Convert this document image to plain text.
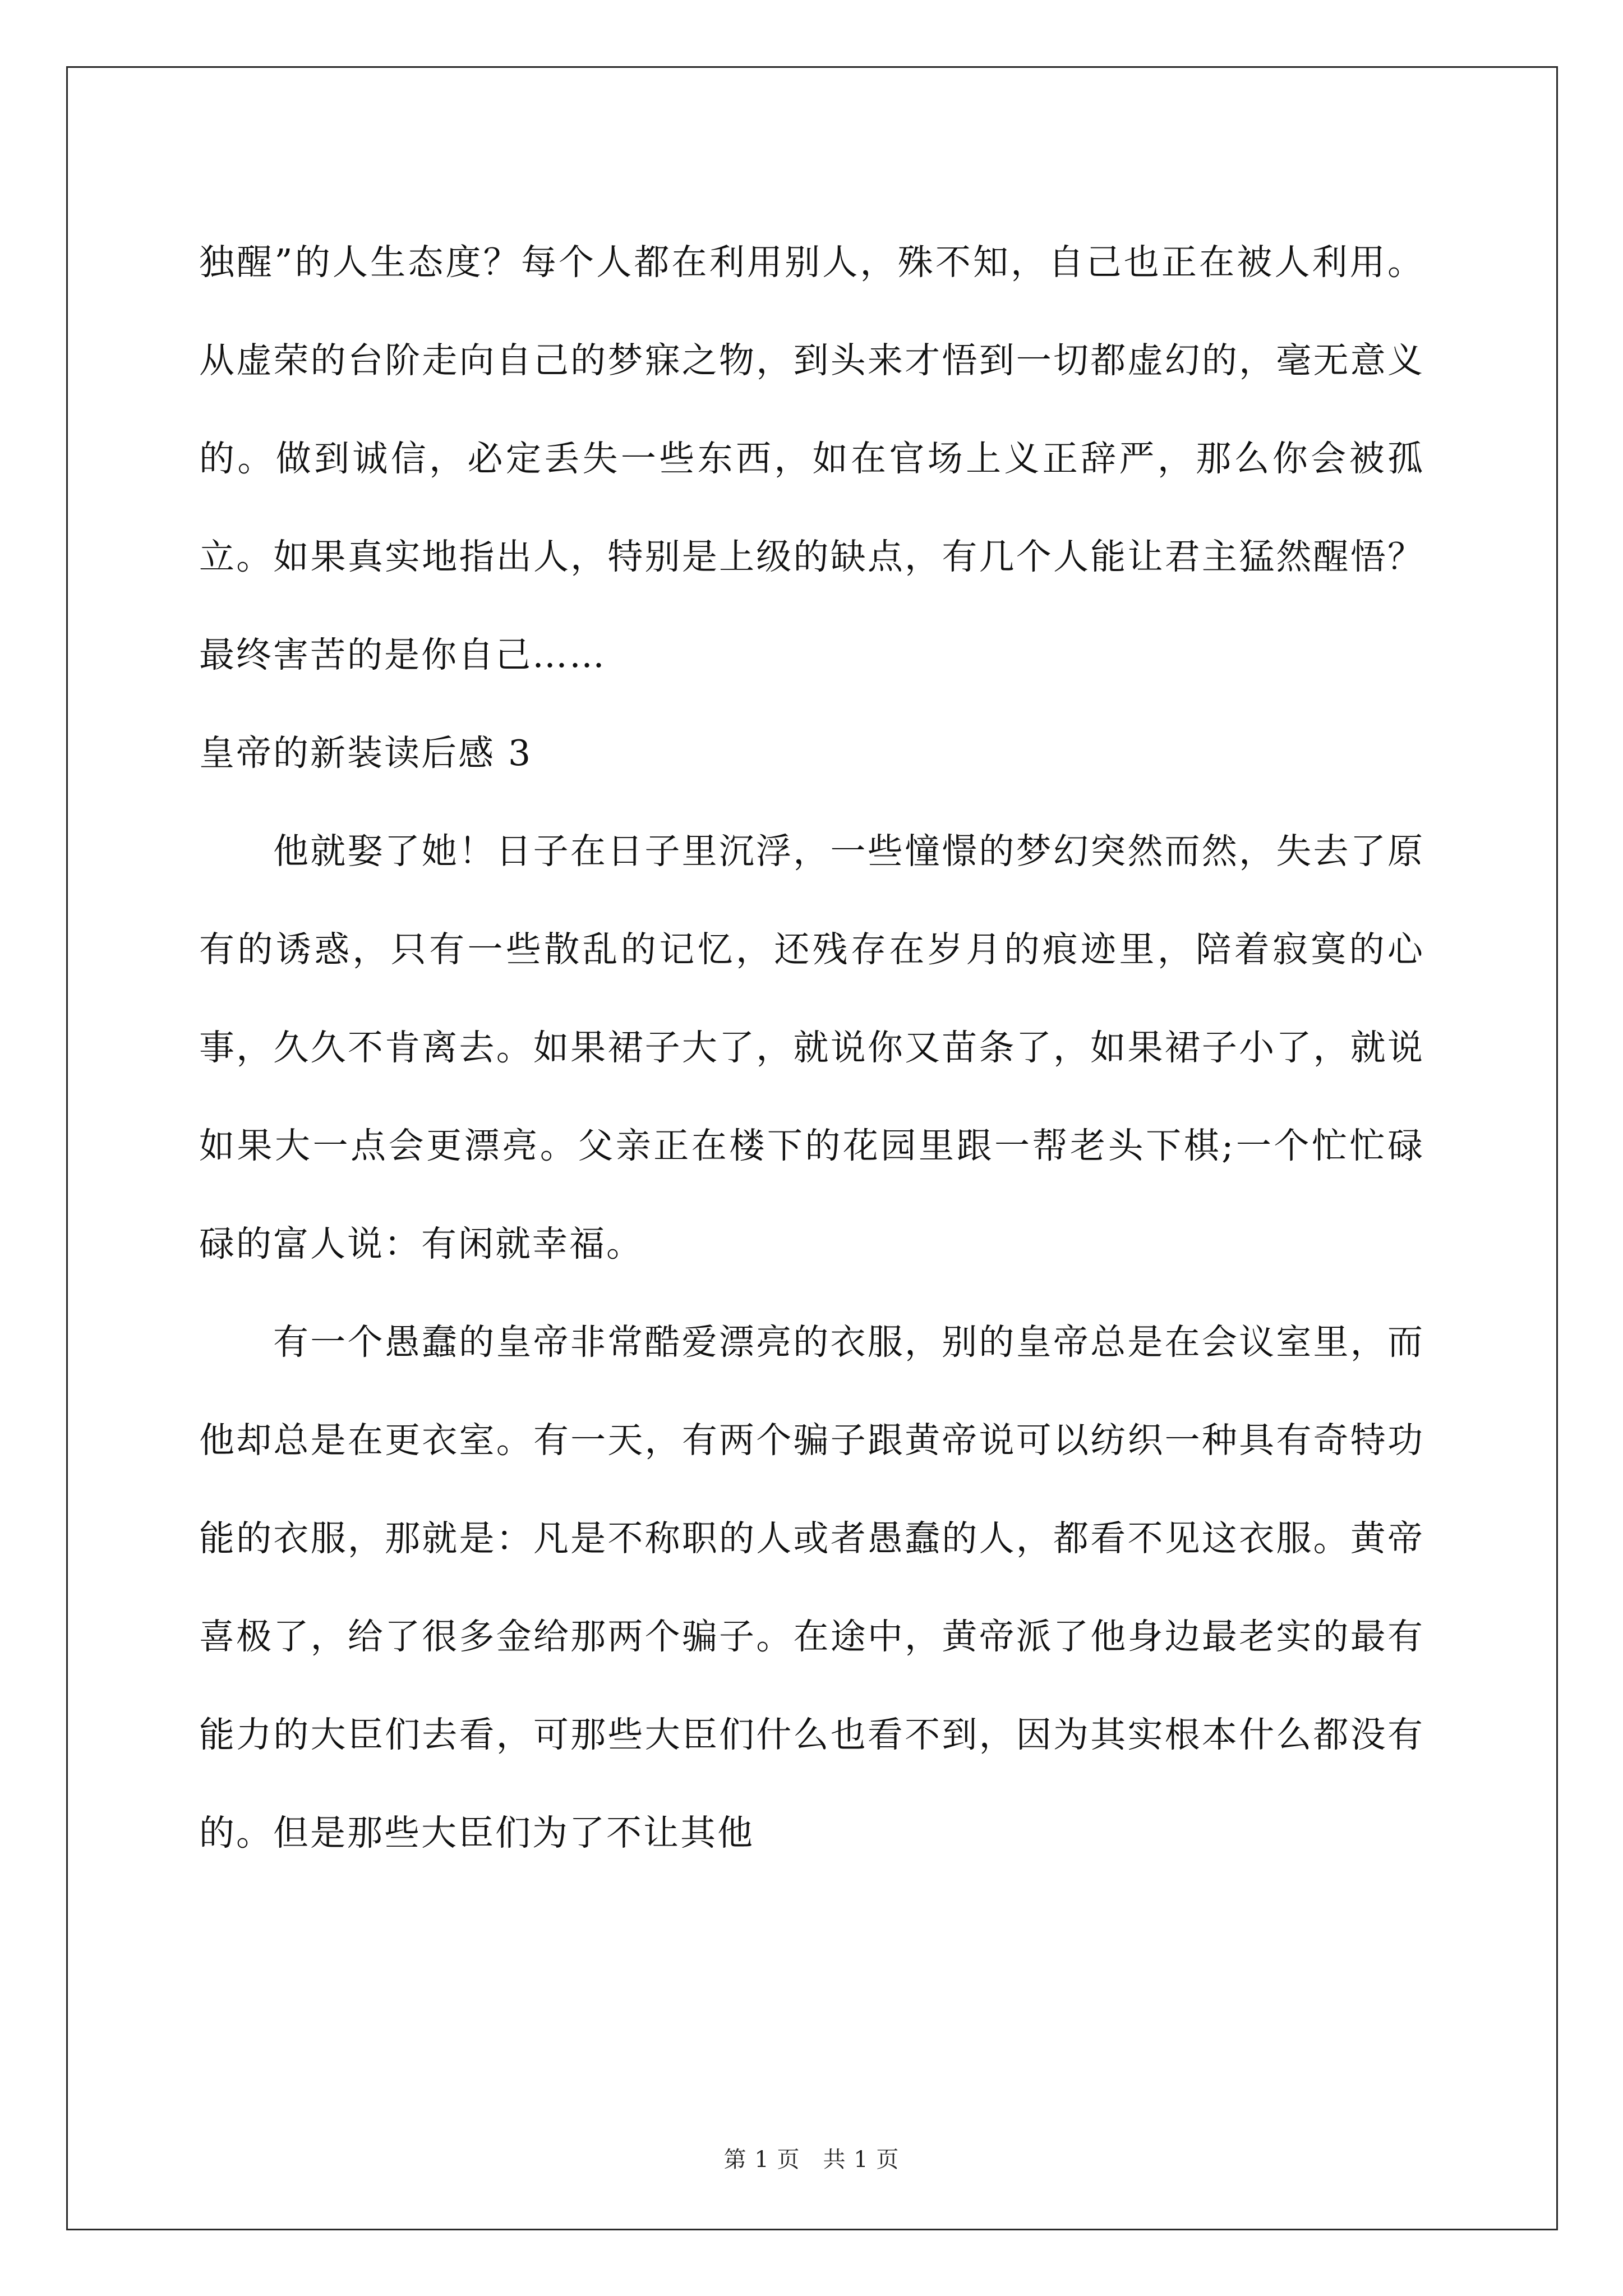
独醒”的人生态度？每个人都在利用别人，殊不知，自己也正在被人利用。从虚荣的台阶走向自己的梦寐之物，到头来才悟到一切都虚幻的，毫无意义的。做到诚信，必定丢失一些东西，如在官场上义正辞严，那么你会被孤立。如果真实地指出人，特别是上级的缺点，有几个人能让君主猛然醒悟？最终害苦的是你自己……

皇帝的新装读后感 3

他就娶了她！日子在日子里沉浮，一些憧憬的梦幻突然而然，失去了原有的诱惑，只有一些散乱的记忆，还残存在岁月的痕迹里，陪着寂寞的心事，久久不肯离去。如果裙子大了，就说你又苗条了，如果裙子小了，就说如果大一点会更漂亮。父亲正在楼下的花园里跟一帮老头下棋;一个忙忙碌碌的富人说：有闲就幸福。

有一个愚蠢的皇帝非常酷爱漂亮的衣服，别的皇帝总是在会议室里，而他却总是在更衣室。有一天，有两个骗子跟黄帝说可以纺织一种具有奇特功能的衣服，那就是：凡是不称职的人或者愚蠢的人，都看不见这衣服。黄帝喜极了，给了很多金给那两个骗子。在途中，黄帝派了他身边最老实的最有能力的大臣们去看，可那些大臣们什么也看不到，因为其实根本什么都没有的。但是那些大臣们为了不让其他

第 1 页　共 1 页
